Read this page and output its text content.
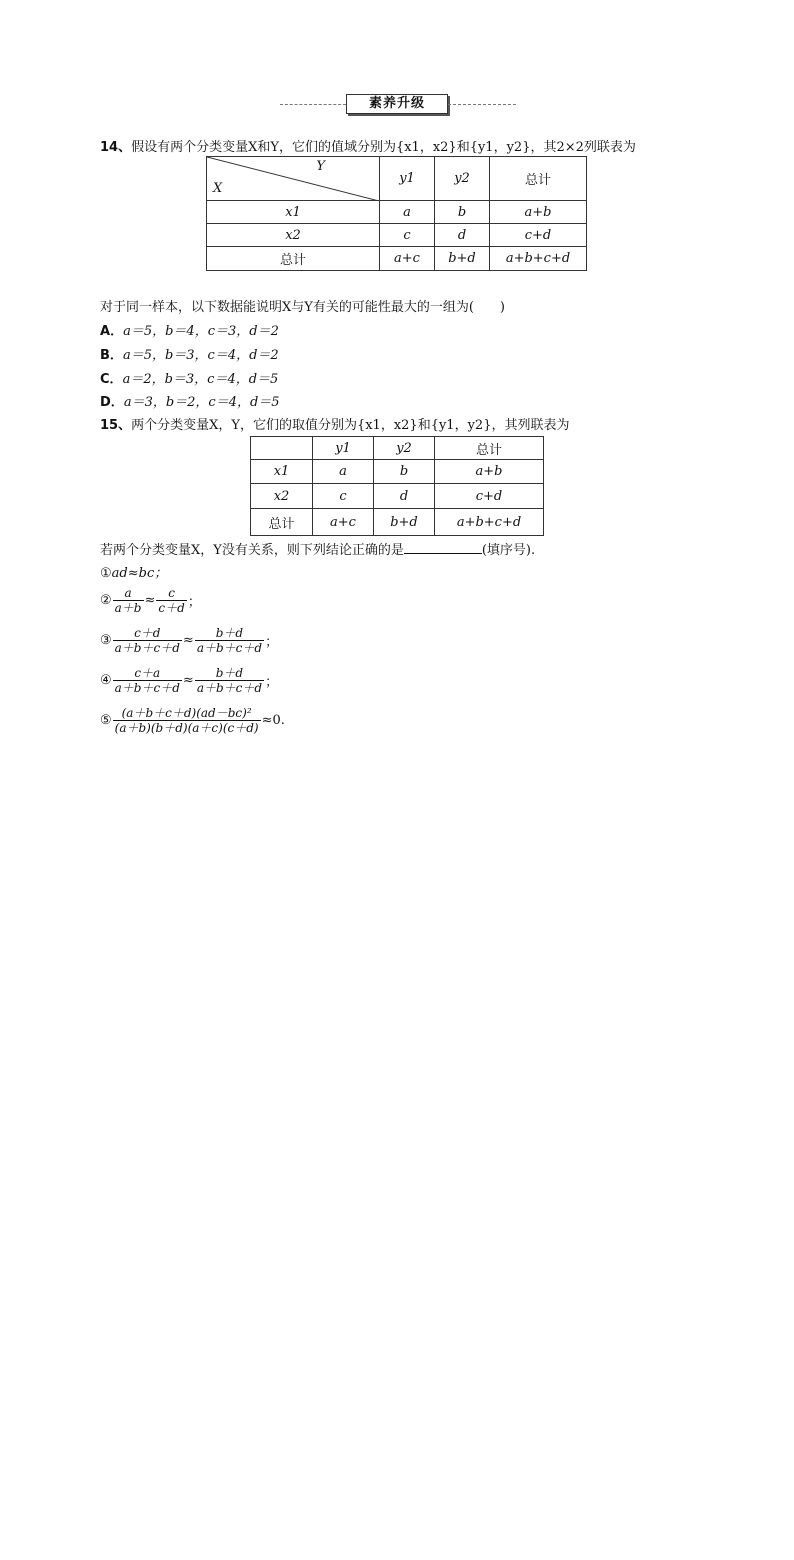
素养升级
14、假设有两个分类变量X和Y，它们的值域分别为{x1，x2}和{y1，y2}，其2×2列联表为
Y
X	y1	y2	总计
x1	a	b	a+b
x2	c	d	c+d
总计	a+c	b+d	a+b+c+d
对于同一样本，以下数据能说明X与Y有关的可能性最大的一组为(　　)
A．a＝5，b＝4，c＝3，d＝2
B．a＝5，b＝3，c＝4，d＝2
C．a＝2，b＝3，c＝4，d＝5
D．a＝3，b＝2，c＝4，d＝5
15、两个分类变量X，Y，它们的取值分别为{x1，x2}和{y1，y2}，其列联表为
	y1	y2	总计
x1	a	b	a+b
x2	c	d	c+d
总计	a+c	b+d	a+b+c+d
若两个分类变量X，Y没有关系，则下列结论正确的是	(填序号).
①ad≈bc；
② $\frac{a}{a+b} \approx \frac{c}{c+d}$ ；
③ $\frac{c+d}{a+b+c+d} \approx \frac{b+d}{a+b+c+d}$ ；
④ $\frac{c+a}{a+b+c+d} \approx \frac{b+d}{a+b+c+d}$ ；
⑤ $\frac{\text{(a＋b＋c＋d)(ad－bc)²}}{(a+b)(b+d)(a+c)(c+d)} \approx 0$.
